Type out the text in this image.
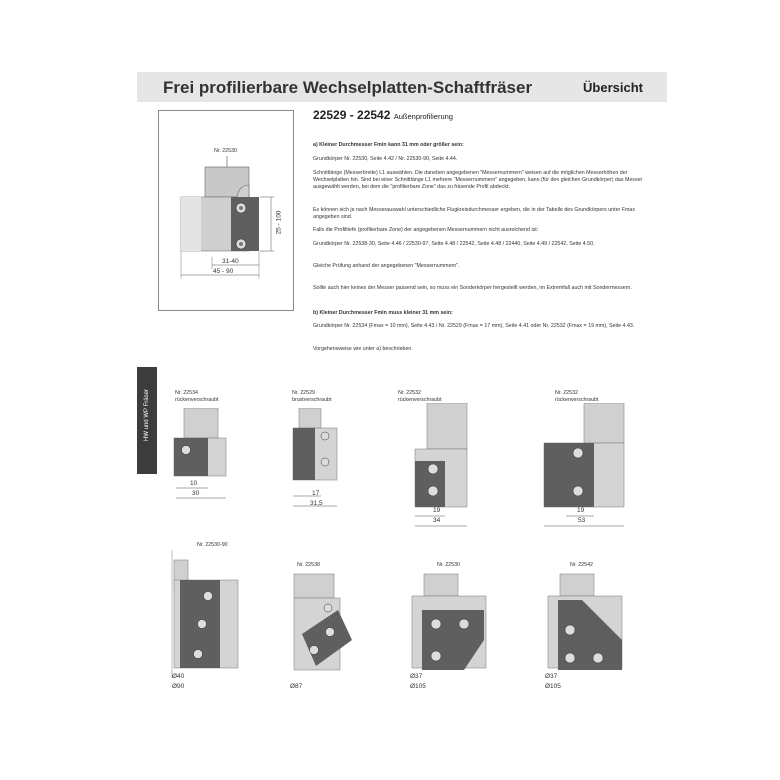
Frei profilierbare Wechselplatten-Schaftfräser	Übersicht
HW und WP Fräser
Nr. 22530
25 - 100
31-40
45 - 90
22529 - 22542 Außenprofilierung

a) Kleiner Durchmesser Fmin kann 31 mm oder größer sein:

Grundkörper Nr. 22530, Seite 4.42 / Nr. 22530-90, Seite 4.44.

Schnittlänge (Messerbreite) L1 auswählen. Die daneben angegebenen "Messernummern" weisen auf die möglichen Messerhöhen der Wechselplatten hin. Sind bei einer Schnittlänge L1 mehrere "Messernummern" angegeben, kann (für den gleichen Grundkörper) das Messer ausgewählt werden, bei dem die "profilierbare Zone" das zu fräsende Profil abdeckt.

Es können sich je nach Messerauswahl unterschiedliche Flugkreisdurchmesser ergeben, die in der Tabelle des Grundkörpers unter Fmax angegeben sind.

Falls die Profiltiefe (profilierbare Zone) der angegebenen Messernummern nicht ausreichend ist:

Grundkörper Nr. 22538-30, Seite 4.46 / 22530-97, Seite 4.48 / 22542, Seite 4.48 / 22440, Seite 4.49 / 22542, Seite 4.50.

Gleiche Prüfung anhand der angegebenen "Messernummern".

Sollte auch hier keines der Messer passend sein, so muss ein Sonderkörper hergestellt werden, im Extremfall auch mit Sondermessern.

b) Kleiner Durchmesser Fmin muss kleiner 31 mm sein:

Grundkörper Nr. 22534 (Fmax = 10 mm), Seite 4.43 / Nr. 22529 (Fmax = 17 mm), Seite 4.41 oder Nr. 22532 (Fmax = 19 mm), Seite 4.43.

Vorgehensweise wie unter a) beschrieben.

Nr. 22534
rückenverschraubt
10
30
Nr. 22529
brustverschraubt
17
31,5
Nr. 22532
rückenverschraubt
19
34
Nr. 22532
rückenverschraubt
19
53
Nr. 22530-90
Ø40
Ø90
Nr. 22538
Ø87
Nr. 22530
Ø37
Ø105
Nr. 22542
Ø37
Ø105
